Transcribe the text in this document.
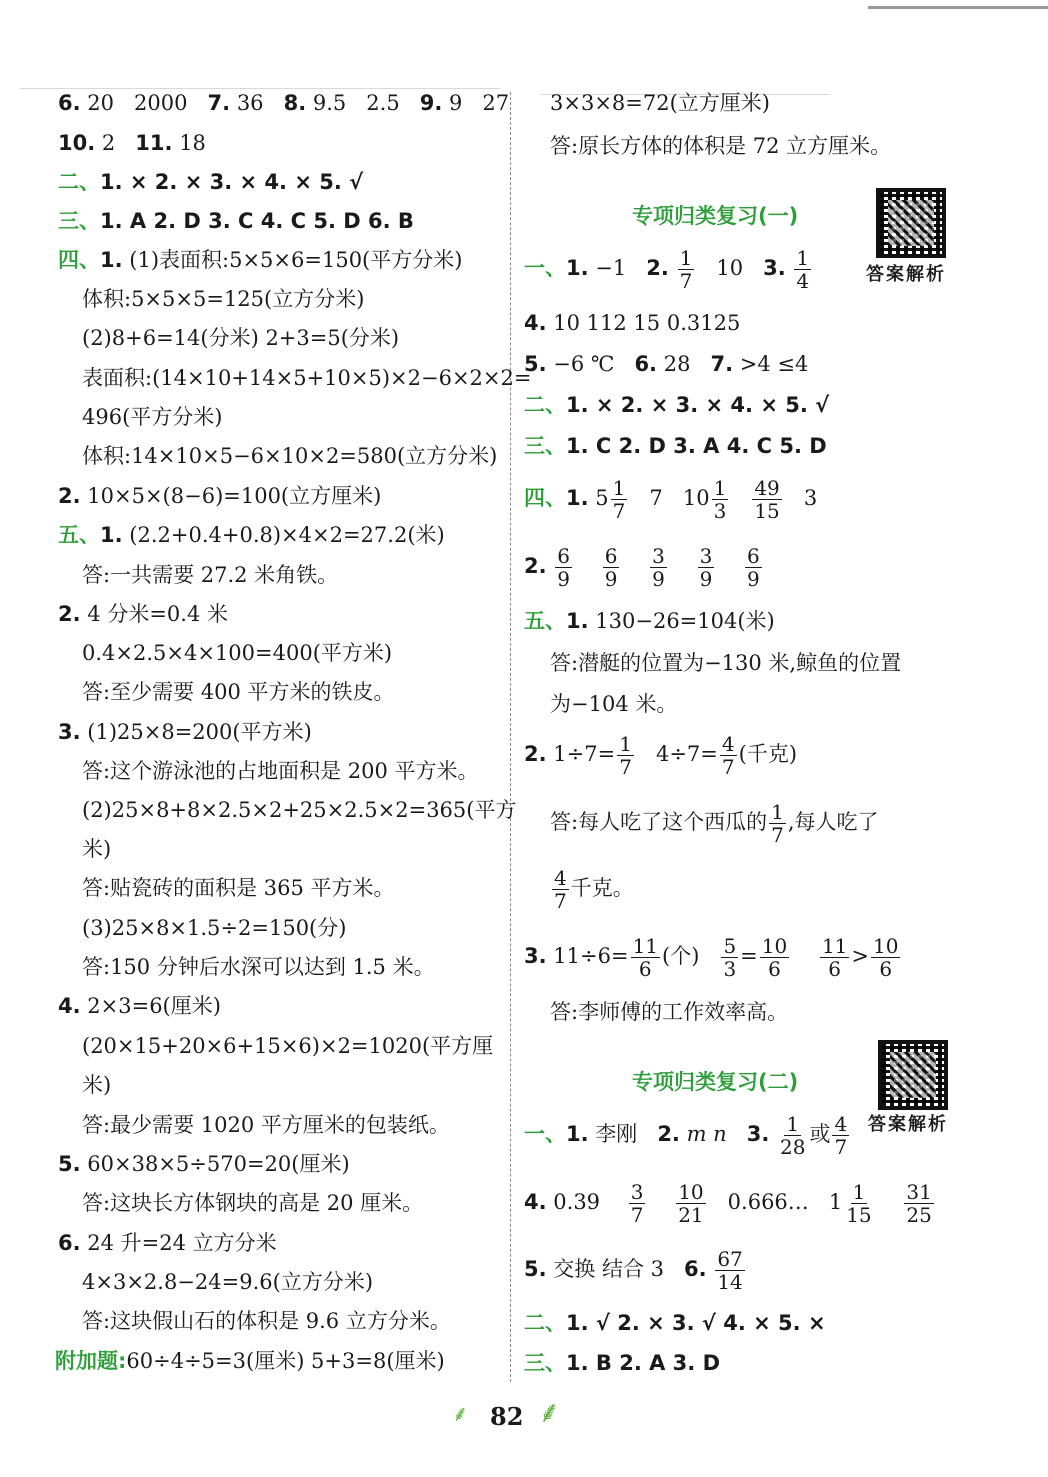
6. 20 2000 7. 36 8. 9.5 2.5 9. 9 27
10. 2 11. 18
二、1. × 2. × 3. × 4. × 5. √
三、1. A 2. D 3. C 4. C 5. D 6. B
四、1. (1)表面积:5×5×6=150(平方分米)
体积:5×5×5=125(立方分米)
(2)8+6=14(分米) 2+3=5(分米)
表面积:(14×10+14×5+10×5)×2−6×2×2=
496(平方分米)
体积:14×10×5−6×10×2=580(立方分米)
2. 10×5×(8−6)=100(立方厘米)
五、1. (2.2+0.4+0.8)×4×2=27.2(米)
答:一共需要 27.2 米角铁。
2. 4 分米=0.4 米
0.4×2.5×4×100=400(平方米)
答:至少需要 400 平方米的铁皮。
3. (1)25×8=200(平方米)
答:这个游泳池的占地面积是 200 平方米。
(2)25×8+8×2.5×2+25×2.5×2=365(平方
米)
答:贴瓷砖的面积是 365 平方米。
(3)25×8×1.5÷2=150(分)
答:150 分钟后水深可以达到 1.5 米。
4. 2×3=6(厘米)
(20×15+20×6+15×6)×2=1020(平方厘
米)
答:最少需要 1020 平方厘米的包装纸。
5. 60×38×5÷570=20(厘米)
答:这块长方体钢块的高是 20 厘米。
6. 24 升=24 立方分米
4×3×2.8−24=9.6(立方分米)
答:这块假山石的体积是 9.6 立方分米。
附加题:60÷4÷5=3(厘米) 5+3=8(厘米)
3×3×8=72(立方厘米)
答:原长方体的体积是 72 立方厘米。
专项归类复习(一)
答案解析
一、1. −1 2. $\frac{1}{7} 10$ 3. $\frac{1}{4}$
4. 10 112 15 0.3125
5. −6 ℃ 6. 28 7. >4 ≤4
二、1. × 2. × 3. × 4. × 5. √
三、1. C 2. D 3. A 4. C 5. D
四、1. $5 \frac{1}{7} 7$ $10 \frac{1}{3}$
$\frac{49}{15} 3$
2. $\frac{6}{9}$
$\frac{6}{9}$
$\frac{3}{9}$
$\frac{3}{9}$
$\frac{6}{9}$
五、1. 130−26=104(米)
答:潜艇的位置为−130 米,鲸鱼的位置
为−104 米。
2. $1\div 7= \frac{1}{7} 4\div 7= \frac{4}{7}$ (千克)
答:每人吃了这个西瓜的 $\frac{1}{7}$ ,每人吃了
$\frac{4}{7}$ 千克。
3. $11\div 6= \frac{11}{6}$ (个) $\frac{5}{3} = \frac{10}{6}$
$\frac{11}{6} > \frac{10}{6}$
答:李师傅的工作效率高。
专项归类复习(二)
答案解析
一、1. 李刚 2. m n 3. $\frac{1}{28}$ 或 $\frac{4}{7}$
4. $0.39 \frac{3}{7}$
$\frac{10}{21}$ 0.666… $1 \frac{1}{15}$
$\frac{31}{25}$
5. 交换 结合 3 6. $\frac{67}{14}$
二、1. √ 2. × 3. √ 4. × 5. ×
三、1. B 2. A 3. D
⸙ 82 ⸙
